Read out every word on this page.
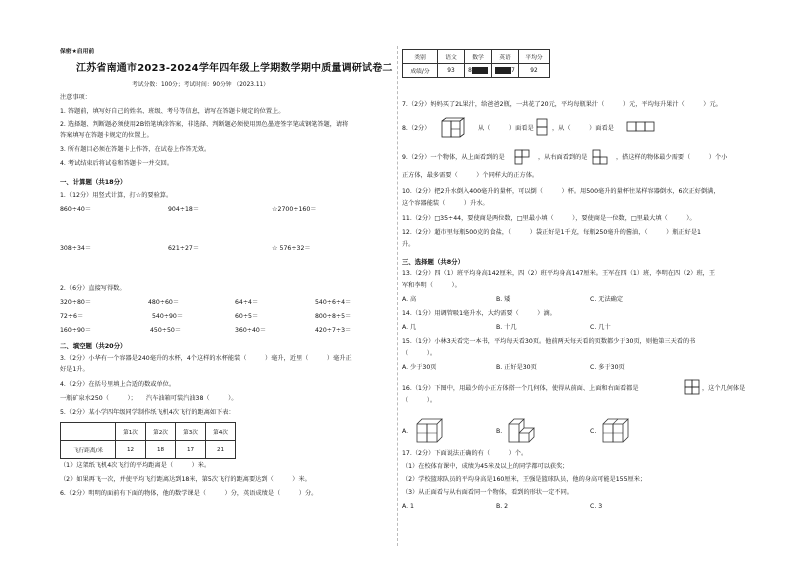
保密★启用前
江苏省南通市2023-2024学年四年级上学期数学期中质量调研试卷二
考试分数：100分；考试时间：90分钟 （2023.11）
注意事项：
1. 答题前，填写好自己的姓名、班级、考号等信息，请写在答题卡规定的位置上。
2. 选择题、判断题必须使用2B铅笔填涂答案，非选择、判断题必须使用黑色墨迹签字笔或钢笔答题，请将
答案填写在答题卡规定的位置上。
3. 所有题目必须在答题卡上作答，在试卷上作答无效。
4. 考试结束后将试卷和答题卡一并交回。
一、计算题（共18分）
1.（12分）用竖式计算，打☆的要验算。
860÷40＝	904÷18＝	☆2700÷160＝
308÷34＝	621÷27＝	☆ 576÷32＝
2.（6分）直接写得数。
320÷80＝	480÷60＝	64÷4＝	540÷6÷4＝
72÷6＝	540÷90＝	60÷5＝	800÷8÷5＝
160÷90＝	450÷50＝	360÷40＝	420÷7÷3＝
二、填空题（共20分）
3.（2分）小华有一个容器是240毫升的水杯，4个这样的水杯能装（　　　）毫升，近里（　　　）毫升正
好是1升。
4.（2分）在括号里填上合适的数或单位。
一瓶矿泉水250（　　　）；　　汽车油箱可装汽油38（　　　）。
5.（2分）某小学四年级同学制作纸飞机4次飞行的距离如下表：
	第1次	第2次	第3次	第4次
飞行距离/米	12	18	17	21
（1）这架纸飞机4次飞行的平均距离是（　　　）米。
（2）如果再飞一次，并使平均飞行距离达到18米，第5次飞行的距离要达到（　　　）米。
6.（2分）明明的面前有下面的物体，他的数学课是（　　　）分，英语成绩是（　　　）分。
类别	语文	数学	英语	平均分
成绩/分	93	8	7	92
7.（2分）妈妈买了2L果汁，给爸爸2瓶，一共花了20元，平均每瓶果汁（　　　）元，平均每升果汁（　　　）元。
8.（2分）	从（　　　）面看是	，从（　　　）面看是
9.（2分）一个物体，从上面看到的是	，从右面看到的是	，搭这样的物体最少需要（　　　）个小
正方体，最多需要（　　　）个同样大的正方体。
10.（2分）把2升水倒入400毫升的量杯，可以倒（　　　）杯。用500毫升的量杯往某样容器倒水，6次正好倒满，
这个容器能装（　　　）升水。
11.（2分）□35÷44，要使商是两位数，□里最小填（　　　），要使商是一位数，□里最大填（　　　）。
12.（2分）超市里每瓶500克的食盐，（　　　）袋正好是1千克，每瓶250毫升的酱油，（　　　）瓶正好是1
升。
三、选择题（共8分）
13.（2分）四（1）班平均身高142厘米，四（2）班平均身高147厘米。王军在四（1）班，李明在四（2）班，王
军和李明（　　　）。
A. 高	B. 矮	C. 无法确定
14.（1分）用调管吸1毫升水，大约需要（　　　）滴。
A. 几	B. 十几	C. 几十
15.（1分）小林3天看完一本书，平均每天看30页。他前两天每天看的页数都少于30页，则他第三天看的书
（　　　）。
A. 少于30页	B. 正好是30页	C. 多于30页
16.（1分）下图中，用最少的小正方体搭一个几何体，使得从前面、上面和右面看都是	，这个几何体是
（　　　）。
A.	B.	C.
17.（2分）下面说法正确的有（　　　）个。
（1）在校体育课中，成绩为45米及以上的同学都可以获奖；
（2）学校篮球队员的平均身高是160厘米，王强是篮球队员，他的身高可能是155厘米；
（3）从正面看与从右面看同一个物体，看到的形状一定不同。
A. 1	B. 2	C. 3
